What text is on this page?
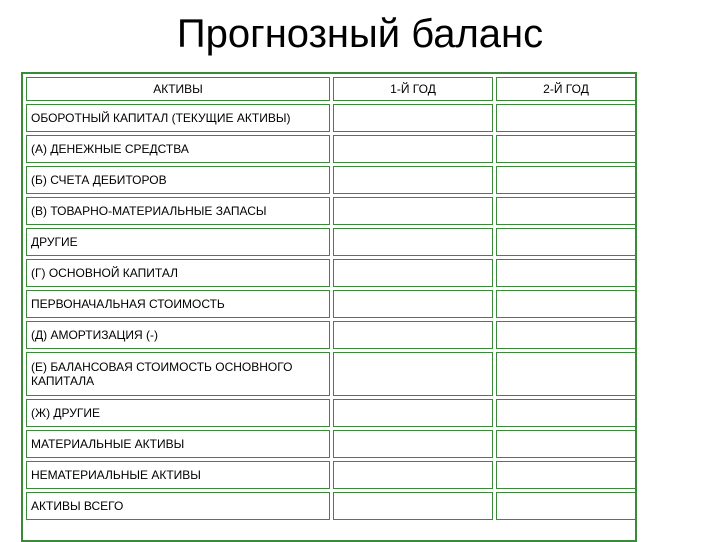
Прогнозный баланс
АКТИВЫ	1-Й ГОД	2-Й ГОД
ОБОРОТНЫЙ КАПИТАЛ (ТЕКУЩИЕ АКТИВЫ)		
(А) ДЕНЕЖНЫЕ СРЕДСТВА		
(Б) СЧЕТА ДЕБИТОРОВ		
(В) ТОВАРНО-МАТЕРИАЛЬНЫЕ ЗАПАСЫ		
ДРУГИЕ		
(Г) ОСНОВНОЙ КАПИТАЛ		
ПЕРВОНАЧАЛЬНАЯ СТОИМОСТЬ		
(Д) АМОРТИЗАЦИЯ (-)		
(Е) БАЛАНСОВАЯ СТОИМОСТЬ ОСНОВНОГО КАПИТАЛА		
(Ж) ДРУГИЕ		
МАТЕРИАЛЬНЫЕ АКТИВЫ		
НЕМАТЕРИАЛЬНЫЕ АКТИВЫ		
АКТИВЫ ВСЕГО		
